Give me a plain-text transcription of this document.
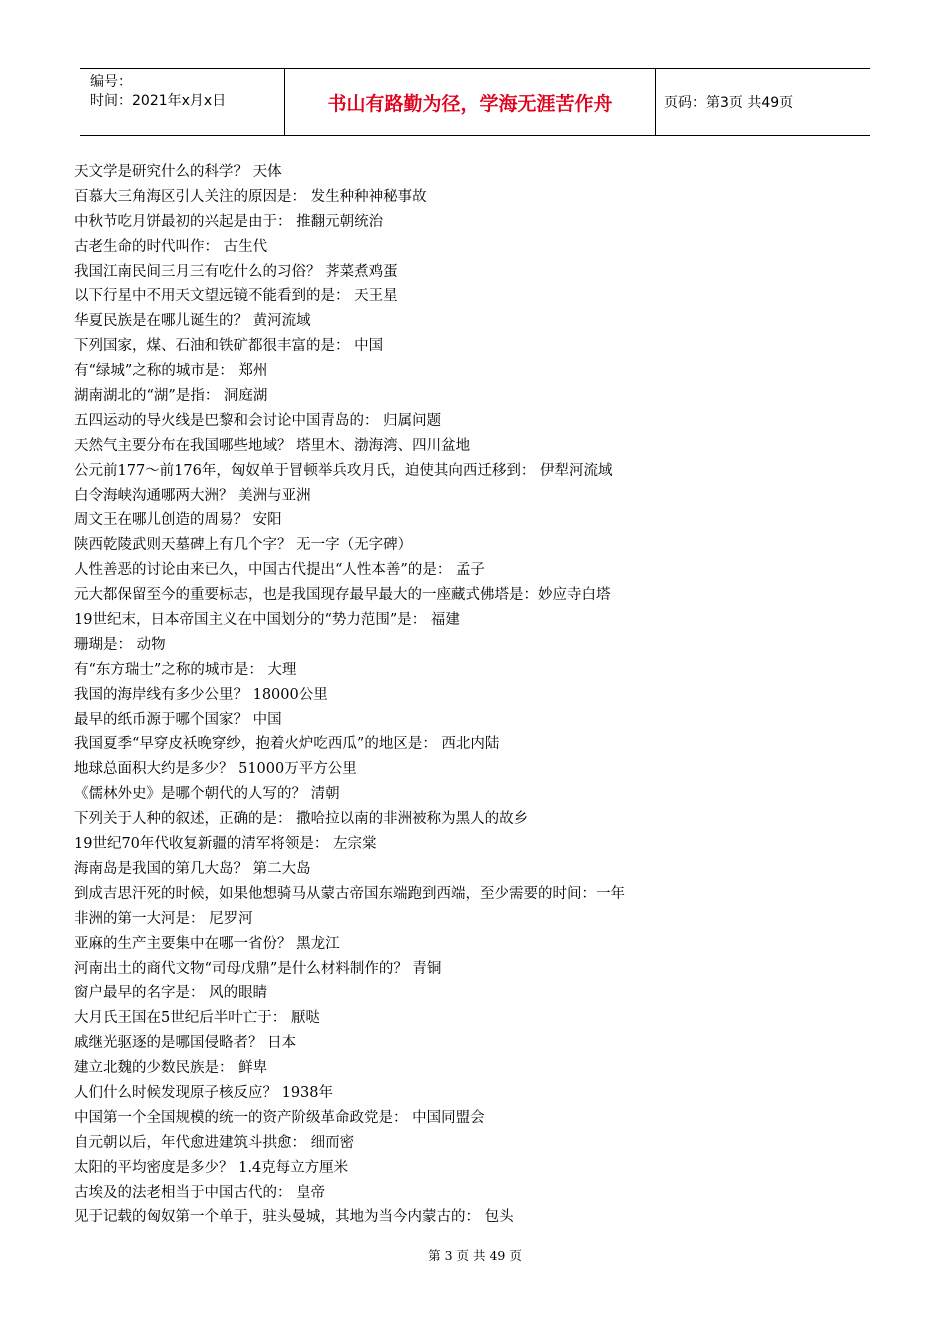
编号：
时间：2021年x月x日	书山有路勤为径，学海无涯苦作舟	页码：第3页 共49页
天文学是研究什么的科学？ 天体
百慕大三角海区引人关注的原因是： 发生种种神秘事故
中秋节吃月饼最初的兴起是由于： 推翻元朝统治
古老生命的时代叫作： 古生代
我国江南民间三月三有吃什么的习俗？ 荠菜煮鸡蛋
以下行星中不用天文望远镜不能看到的是： 天王星
华夏民族是在哪儿诞生的？ 黄河流域
下列国家，煤、石油和铁矿都很丰富的是： 中国
有“绿城”之称的城市是： 郑州
湖南湖北的“湖”是指： 洞庭湖
五四运动的导火线是巴黎和会讨论中国青岛的： 归属问题
天然气主要分布在我国哪些地域？ 塔里木、渤海湾、四川盆地
公元前177～前176年，匈奴单于冒顿举兵攻月氏，迫使其向西迁移到： 伊犁河流域
白令海峡沟通哪两大洲？ 美洲与亚洲
周文王在哪儿创造的周易？ 安阳
陕西乾陵武则天墓碑上有几个字？ 无一字（无字碑）
人性善恶的讨论由来已久，中国古代提出“人性本善”的是： 孟子
元大都保留至今的重要标志，也是我国现存最早最大的一座藏式佛塔是：妙应寺白塔
19世纪末，日本帝国主义在中国划分的“势力范围”是： 福建
珊瑚是： 动物
有“东方瑞士”之称的城市是： 大理
我国的海岸线有多少公里？ 18000公里
最早的纸币源于哪个国家？ 中国
我国夏季“早穿皮袄晚穿纱，抱着火炉吃西瓜”的地区是： 西北内陆
地球总面积大约是多少？ 51000万平方公里
《儒林外史》是哪个朝代的人写的？ 清朝
下列关于人种的叙述，正确的是： 撒哈拉以南的非洲被称为黑人的故乡
19世纪70年代收复新疆的清军将领是： 左宗棠
海南岛是我国的第几大岛？ 第二大岛
到成吉思汗死的时候，如果他想骑马从蒙古帝国东端跑到西端，至少需要的时间：一年
非洲的第一大河是： 尼罗河
亚麻的生产主要集中在哪一省份？ 黑龙江
河南出土的商代文物“司母戊鼎”是什么材料制作的？ 青铜
窗户最早的名字是： 风的眼睛
大月氏王国在5世纪后半叶亡于： 厭哒
戚继光驱逐的是哪国侵略者？ 日本
建立北魏的少数民族是： 鲜卑
人们什么时候发现原子核反应？ 1938年
中国第一个全国规模的统一的资产阶级革命政党是： 中国同盟会
自元朝以后，年代愈进建筑斗拱愈： 细而密
太阳的平均密度是多少？ 1.4克每立方厘米
古埃及的法老相当于中国古代的： 皇帝
见于记载的匈奴第一个单于，驻头曼城，其地为当今内蒙古的： 包头
第 3 页 共 49 页
